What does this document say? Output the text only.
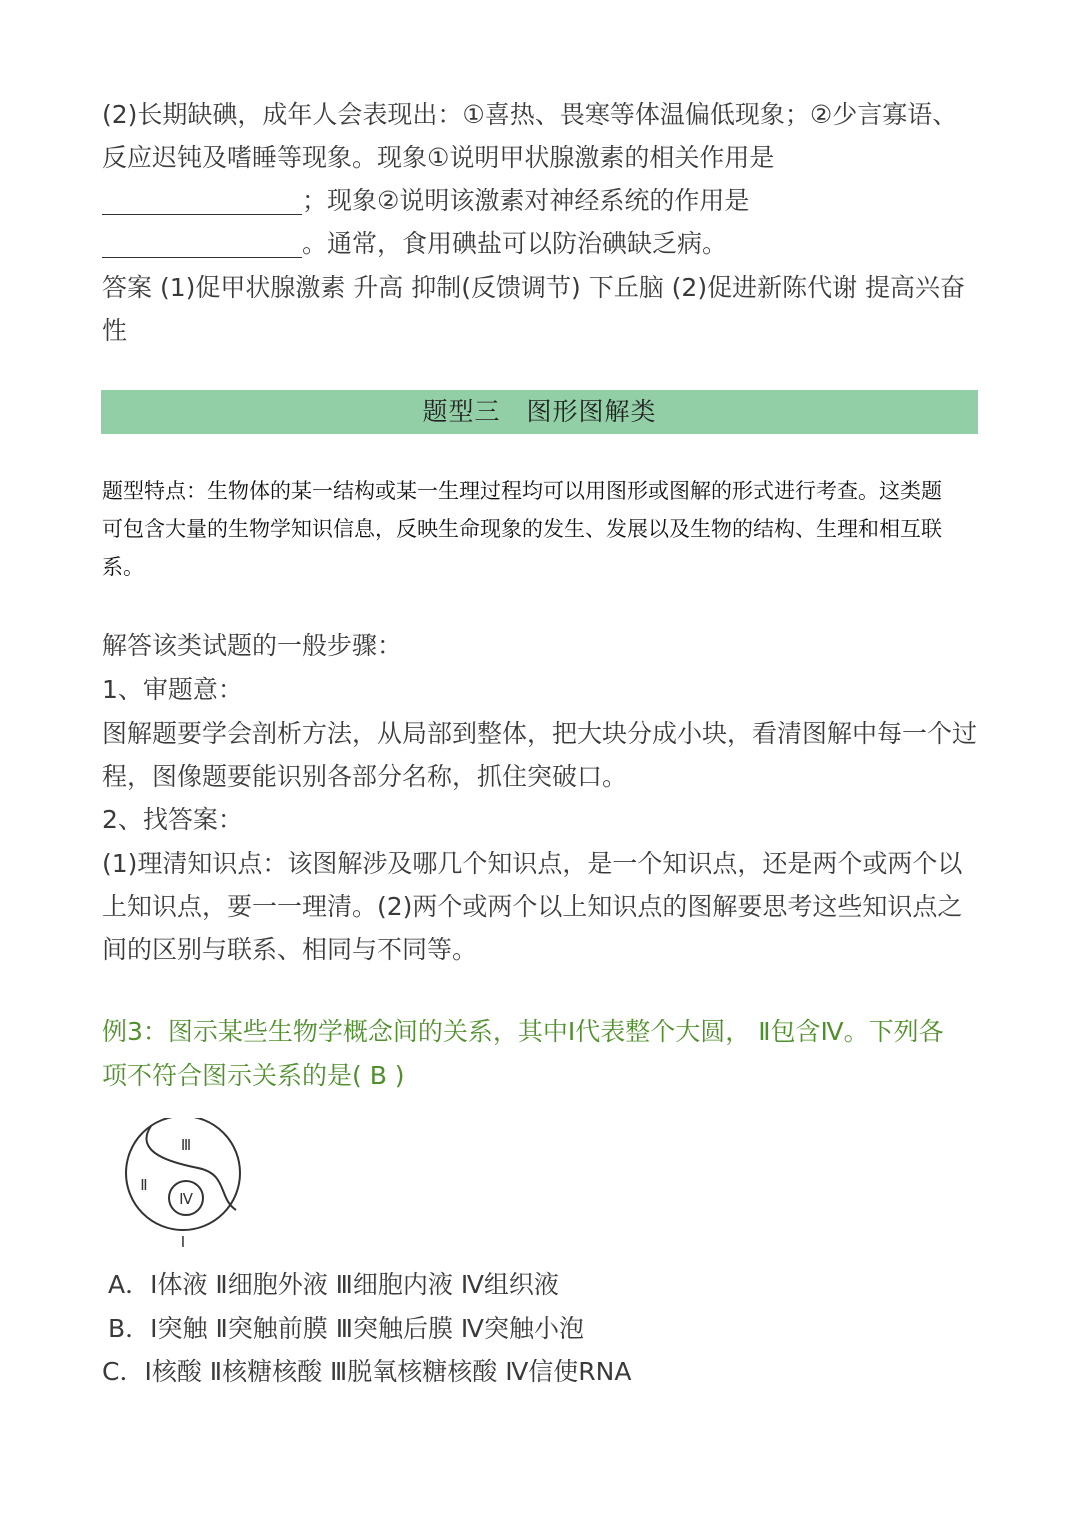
(2)长期缺碘，成年人会表现出：①喜热、畏寒等体温偏低现象；②少言寡语、
反应迟钝及嗜睡等现象。现象①说明甲状腺激素的相关作用是
；现象②说明该激素对神经系统的作用是
。通常，食用碘盐可以防治碘缺乏病。
答案 (1)促甲状腺激素 升高 抑制(反馈调节) 下丘脑 (2)促进新陈代谢 提高兴奋
性
题型三　图形图解类
题型特点：生物体的某一结构或某一生理过程均可以用图形或图解的形式进行考查。这类题
可包含大量的生物学知识信息，反映生命现象的发生、发展以及生物的结构、生理和相互联
系。
解答该类试题的一般步骤：
1、审题意：
图解题要学会剖析方法，从局部到整体，把大块分成小块，看清图解中每一个过
程，图像题要能识别各部分名称，抓住突破口。
2、找答案：
(1)理清知识点：该图解涉及哪几个知识点，是一个知识点，还是两个或两个以
上知识点，要一一理清。(2)两个或两个以上知识点的图解要思考这些知识点之
间的区别与联系、相同与不同等。
例3：图示某些生物学概念间的关系，其中Ⅰ代表整个大圆， Ⅱ包含Ⅳ。下列各
项不符合图示关系的是( B )
Ⅲ
Ⅱ
Ⅳ
Ⅰ
A．Ⅰ体液 Ⅱ细胞外液 Ⅲ细胞内液 Ⅳ组织液
B．Ⅰ突触 Ⅱ突触前膜 Ⅲ突触后膜 Ⅳ突触小泡
C．Ⅰ核酸 Ⅱ核糖核酸 Ⅲ脱氧核糖核酸 Ⅳ信使RNA
